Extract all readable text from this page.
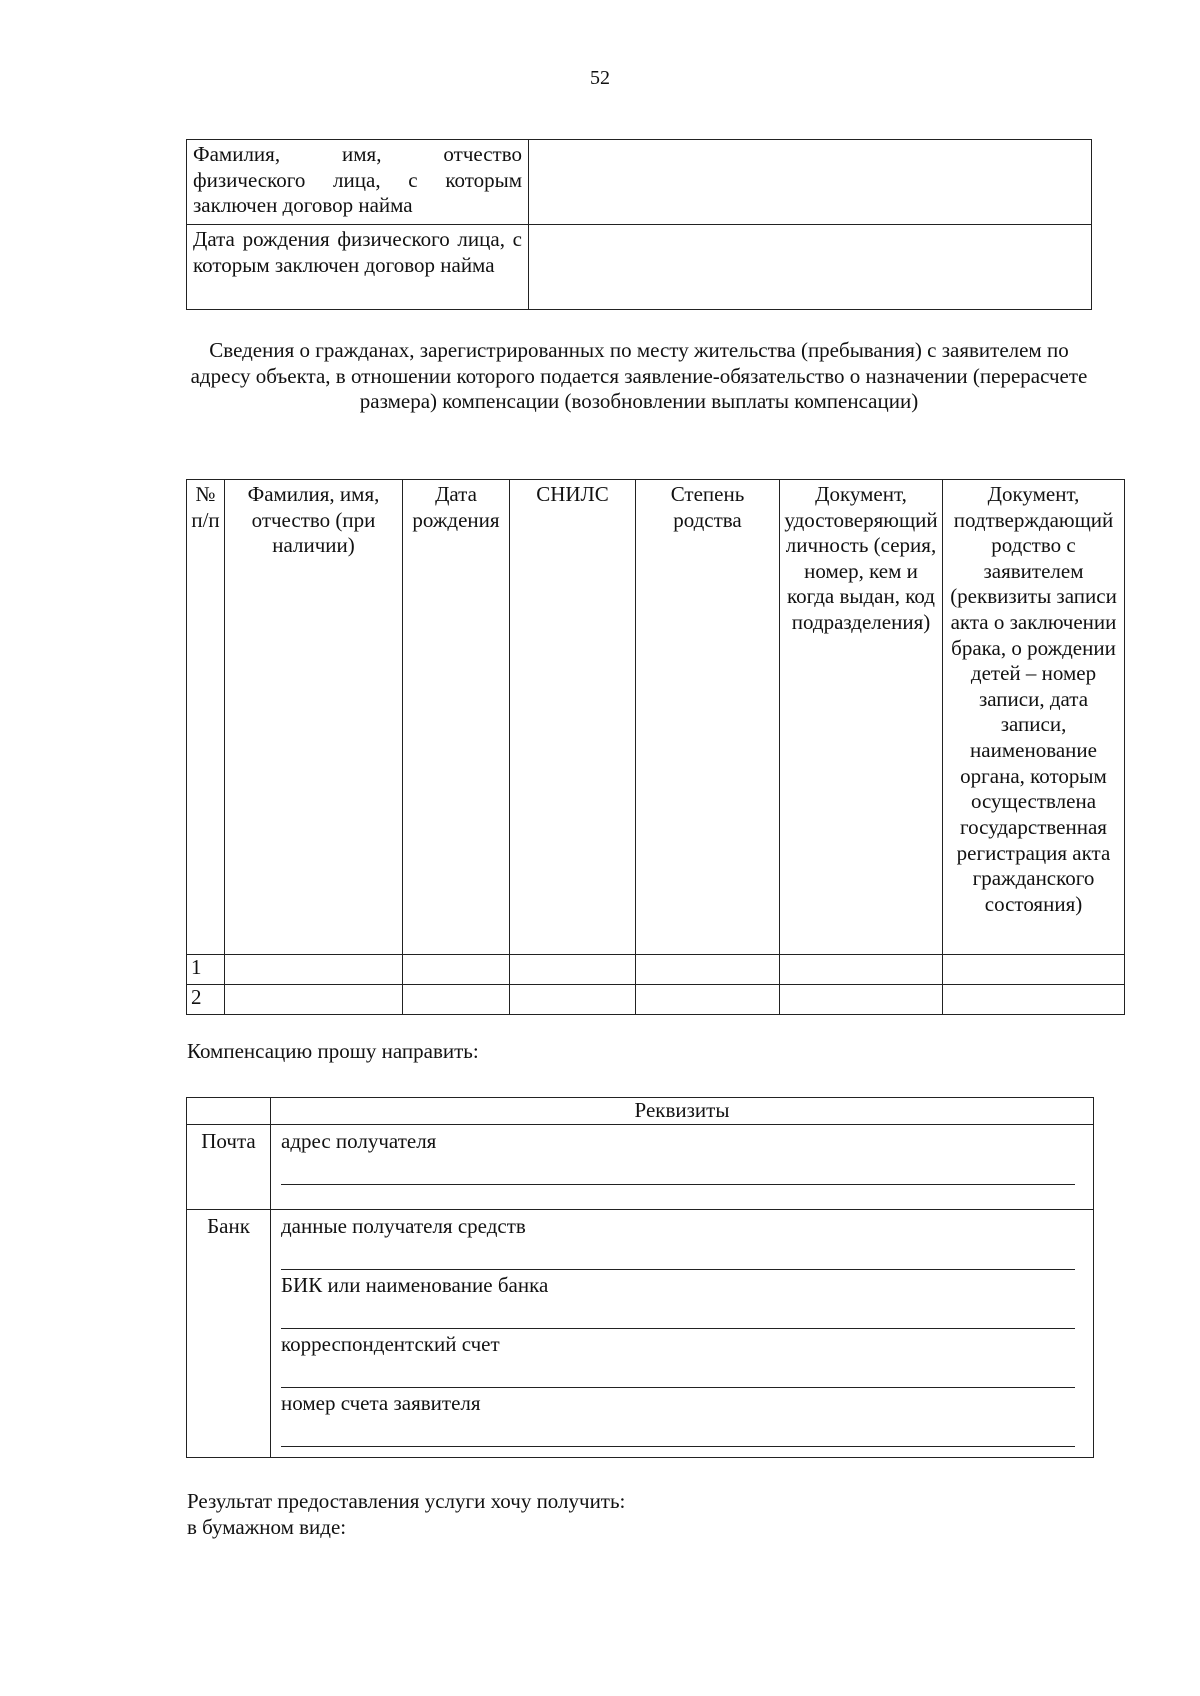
52
Фамилия, имя, отчество физического лица, с которым заключен договор найма	
Дата рождения физического лица, с которым заключен договор найма	
Сведения о гражданах, зарегистрированных по месту жительства (пребывания) с заявителем по адресу объекта, в отношении которого подается заявление-обязательство о назначении (перерасчете размера) компенсации (возобновлении выплаты компенсации)
№ п/п	Фамилия, имя, отчество (при наличии)	Дата рождения	СНИЛС	Степень родства	Документ, удостоверяющий личность (серия, номер, кем и когда выдан, код подразделения)	Документ, подтверждающий родство с заявителем (реквизиты записи акта о заключении брака, о рождении детей – номер записи, дата записи, наименование органа, которым осуществлена государственная регистрация акта гражданского состояния)
1						
2						
Компенсацию прошу направить:
	Реквизиты
Почта	адрес получателя

Банк	данные получателя средств
БИК или наименование банка
корреспондентский счет
номер счета заявителя
Результат предоставления услуги хочу получить:
в бумажном виде:
